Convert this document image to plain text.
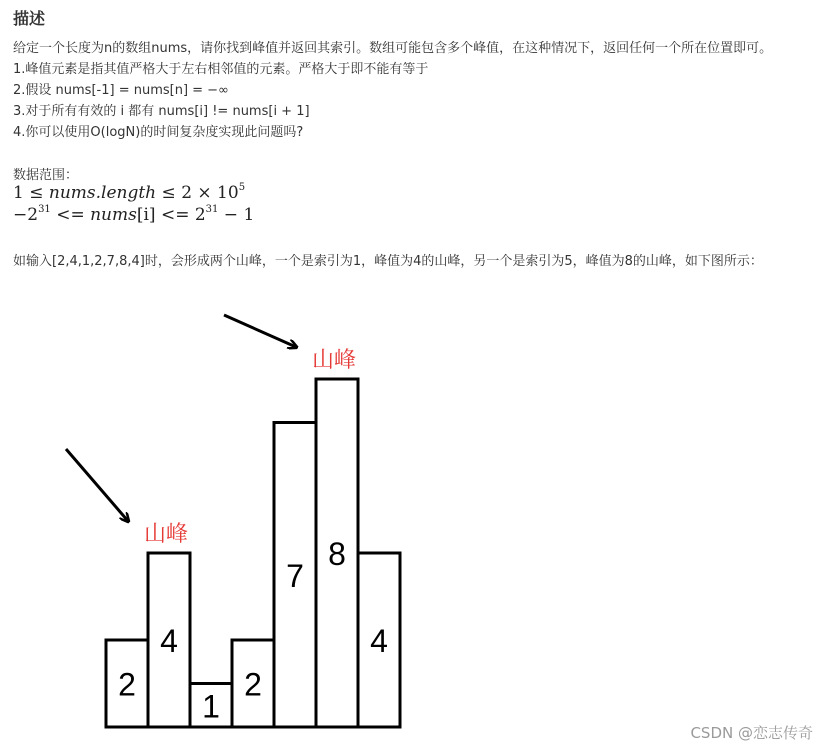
描述

给定一个长度为n的数组nums，请你找到峰值并返回其索引。数组可能包含多个峰值，在这种情况下，返回任何一个所在位置即可。

1.峰值元素是指其值严格大于左右相邻值的元素。严格大于即不能有等于

2.假设 nums[-1] = nums[n] = −∞

3.对于所有有效的 i 都有 nums[i] != nums[i + 1]

4.你可以使用O(logN)的时间复杂度实现此问题吗?

数据范围：
1 ≤ nums.length ≤ $2 \times 10^5$
$-2^{31}$ <= nums[i] <= $2^{31} - 1$
如输入[2,4,1,2,7,8,4]时，会形成两个山峰，一个是索引为1，峰值为4的山峰，另一个是索引为5，峰值为8的山峰，如下图所示：
2
4
1
2
7
8
4
山峰
山峰
CSDN @恋志传奇
